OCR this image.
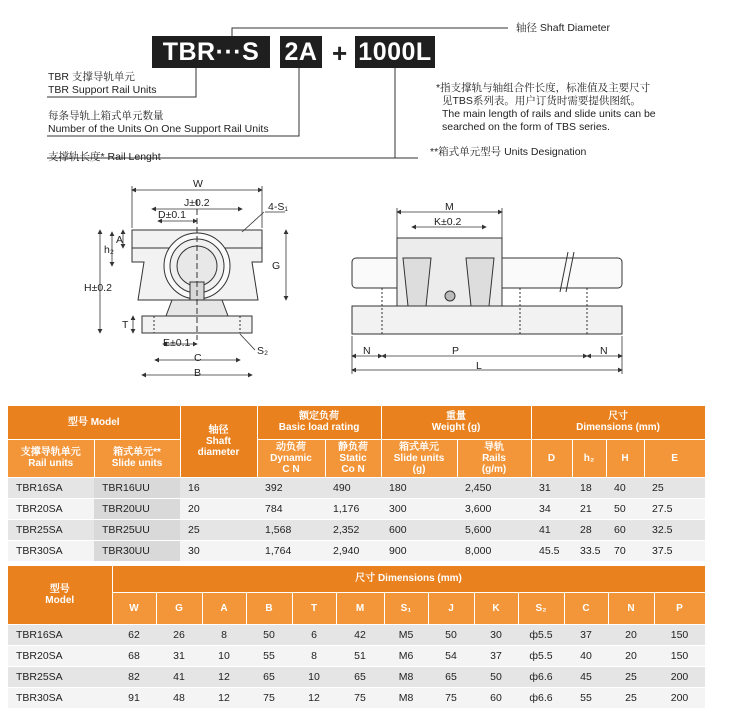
TBR···S	2A + 1000L
轴径 Shaft Diameter
TBR 支撑导轨单元
TBR Support Rail Units
每条导轨上箱式单元数量
Number of the Units On One Support Rail Units
支撑轨长度* Rail Lenght
*指支撑轨与轴组合件长度，标准值及主要尺寸
见TBS系列表。用户订货时需要提供图纸。
The main length of rails and slide units can be
searched on the form of TBS series.
**箱式单元型号 Units Designation
W
J±0.2
D±0.1
4-S₁
A
h₂
H±0.2
G
T
E±0.1
C
B
S₂
M
K±0.2
N	P	N
L
型号 Model		轴径
Shaft
diameter	额定负荷
Basic load rating		重量
Weight (g)		尺寸
Dimensions (mm)			

支撑导轨单元
Rail units	箱式单元**
Slide units		动负荷
Dynamic
C N	静负荷
Static
Co N	箱式单元
Slide units
(g)	导轨
Rails
(g/m)	D	h₂	H	E
TBR16SA	TBR16UU	16	392	490	180	2,450	31	18	40	25
TBR20SA	TBR20UU	20	784	1,176	300	3,600	34	21	50	27.5
TBR25SA	TBR25UU	25	1,568	2,352	600	5,600	41	28	60	32.5
TBR30SA	TBR30UU	30	1,764	2,940	900	8,000	45.5	33.5	70	37.5
型号
Model	尺寸 Dimensions (mm)												
	W	G	A	B	T	M	S₁	J	K	S₂	C	N	P
TBR16SA	62	26	8	50	6	42	M5	50	30	ф5.5	37	20	150
TBR20SA	68	31	10	55	8	51	M6	54	37	ф5.5	40	20	150
TBR25SA	82	41	12	65	10	65	M8	65	50	ф6.6	45	25	200
TBR30SA	91	48	12	75	12	75	M8	75	60	ф6.6	55	25	200
